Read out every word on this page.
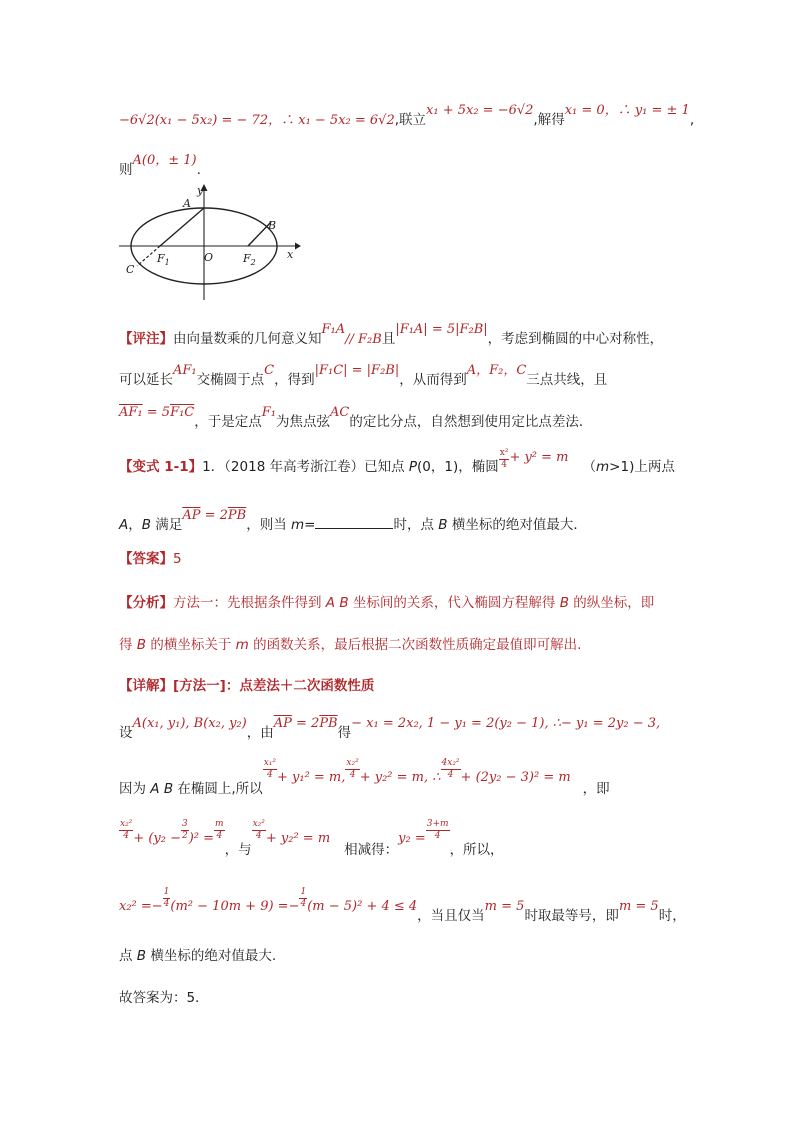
−6√2(x₁ − 5x₂) = − 72，∴ x₁ − 5x₂ = 6√2,联立x₁ + 5x₂ = −6√2,解得x₁ = 0，∴ y₁ = ± 1,
则A(0，± 1).
y
x
A
B
C
O
$F_1$	$F_2$
【评注】由向量数乘的几何意义知F₁A// F₂B且|F₁A| = 5|F₂B|，考虑到椭圆的中心对称性，
可以延长AF₁交椭圆于点C，得到|F₁C| = |F₂B|，从而得到A，F₂，C三点共线，且
AF₁ = 5F₁C，于是定点F₁为焦点弦AC的定比分点，自然想到使用定比点差法．
【变式 1-1】1．（2018 年高考浙江卷）已知点 P(0，1)，椭圆 $\frac{\text{x²}}{4} + y^2 = m(m>1)$上两点
A，B 满足$\overline{AP} = 2\overline{PB}$，则当 m=	时，点 B 横坐标的绝对值最大．
【答案】5
【分析】方法一：先根据条件得到 A B 坐标间的关系，代入椭圆方程解得 B 的纵坐标，即
得 B 的横坐标关于 m 的函数关系，最后根据二次函数性质确定最值即可解出.
【详解】[方法一]：点差法＋二次函数性质
设A(x₁, y₁), B(x₂, y₂)，由$\overline{AP} = 2\overline{PB}$得− x₁ = 2x₂, 1 − y₁ = 2(y₂ − 1), ∴− y₁ = 2y₂ − 3,
因为 A B 在椭圆上,所以
$\frac{\text{x₁²}}{4} + y_1^2 = m$, $\frac{\text{x₂²}}{4} + y_2^2 = m$, ∴ $\frac{\text{4x₂²}}{4} + (2y_2 - 3)^2 = m$，即
$\frac{\text{x₂²}}{4} + (y_2 - \frac{3}{2} )^2 = \frac{m}{4}$
，与
$\frac{\text{x₂²}}{4} + y_2^2 = m$相减得：$y_2 = \frac{3+m}{4}$
，所以，
$x_2^2 =- \frac{1}{4} (m^2 - 10m + 9) =- \frac{1}{4} (m - 5)^2 + 4 \le 4$，当且仅当m = 5时取最等号，即m = 5时，
点 B 横坐标的绝对值最大.
故答案为：5．
